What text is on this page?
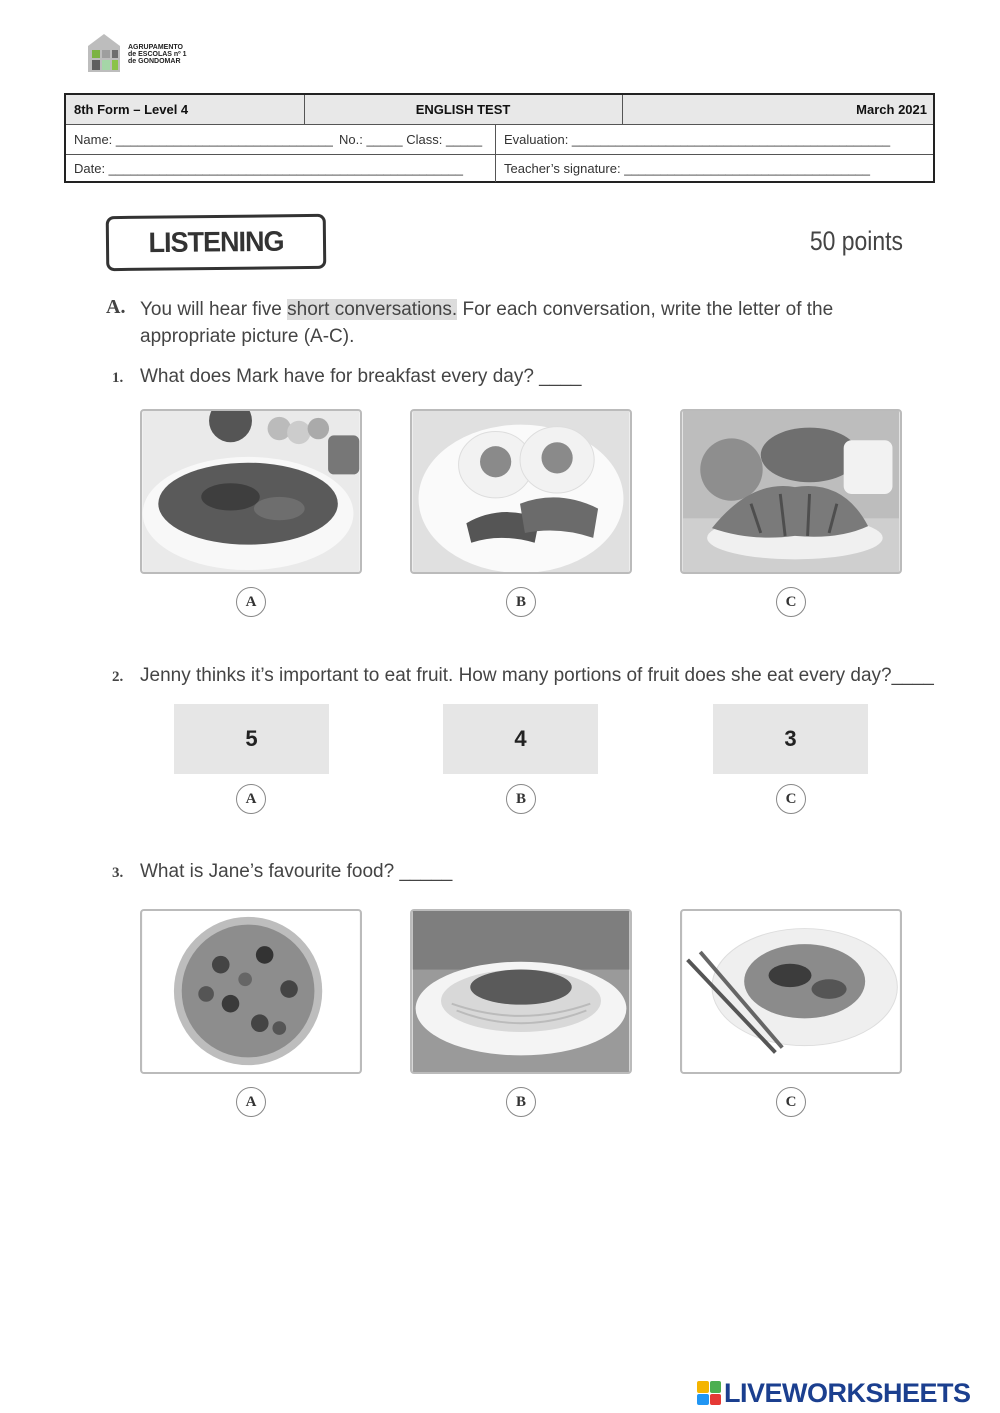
AGRUPAMENTO
de ESCOLAS nº 1
de GONDOMAR
8th Form – Level 4	ENGLISH TEST	March 2021
Name: ______________________________ No.: _____ Class: _____	Evaluation: ____________________________________________
Date: _________________________________________________	Teacher’s signature: __________________________________
LISTENING	50 points
A. You will hear five short conversations. For each conversation, write the letter of the
appropriate picture (A-C).
1. What does Mark have for breakfast every day? ____
A	B	C
2. Jenny thinks it’s important to eat fruit. How many portions of fruit does she eat every day?____
5	4	3
A	B	C
3. What is Jane’s favourite food? _____
A	B	C
LIVEWORKSHEETS
